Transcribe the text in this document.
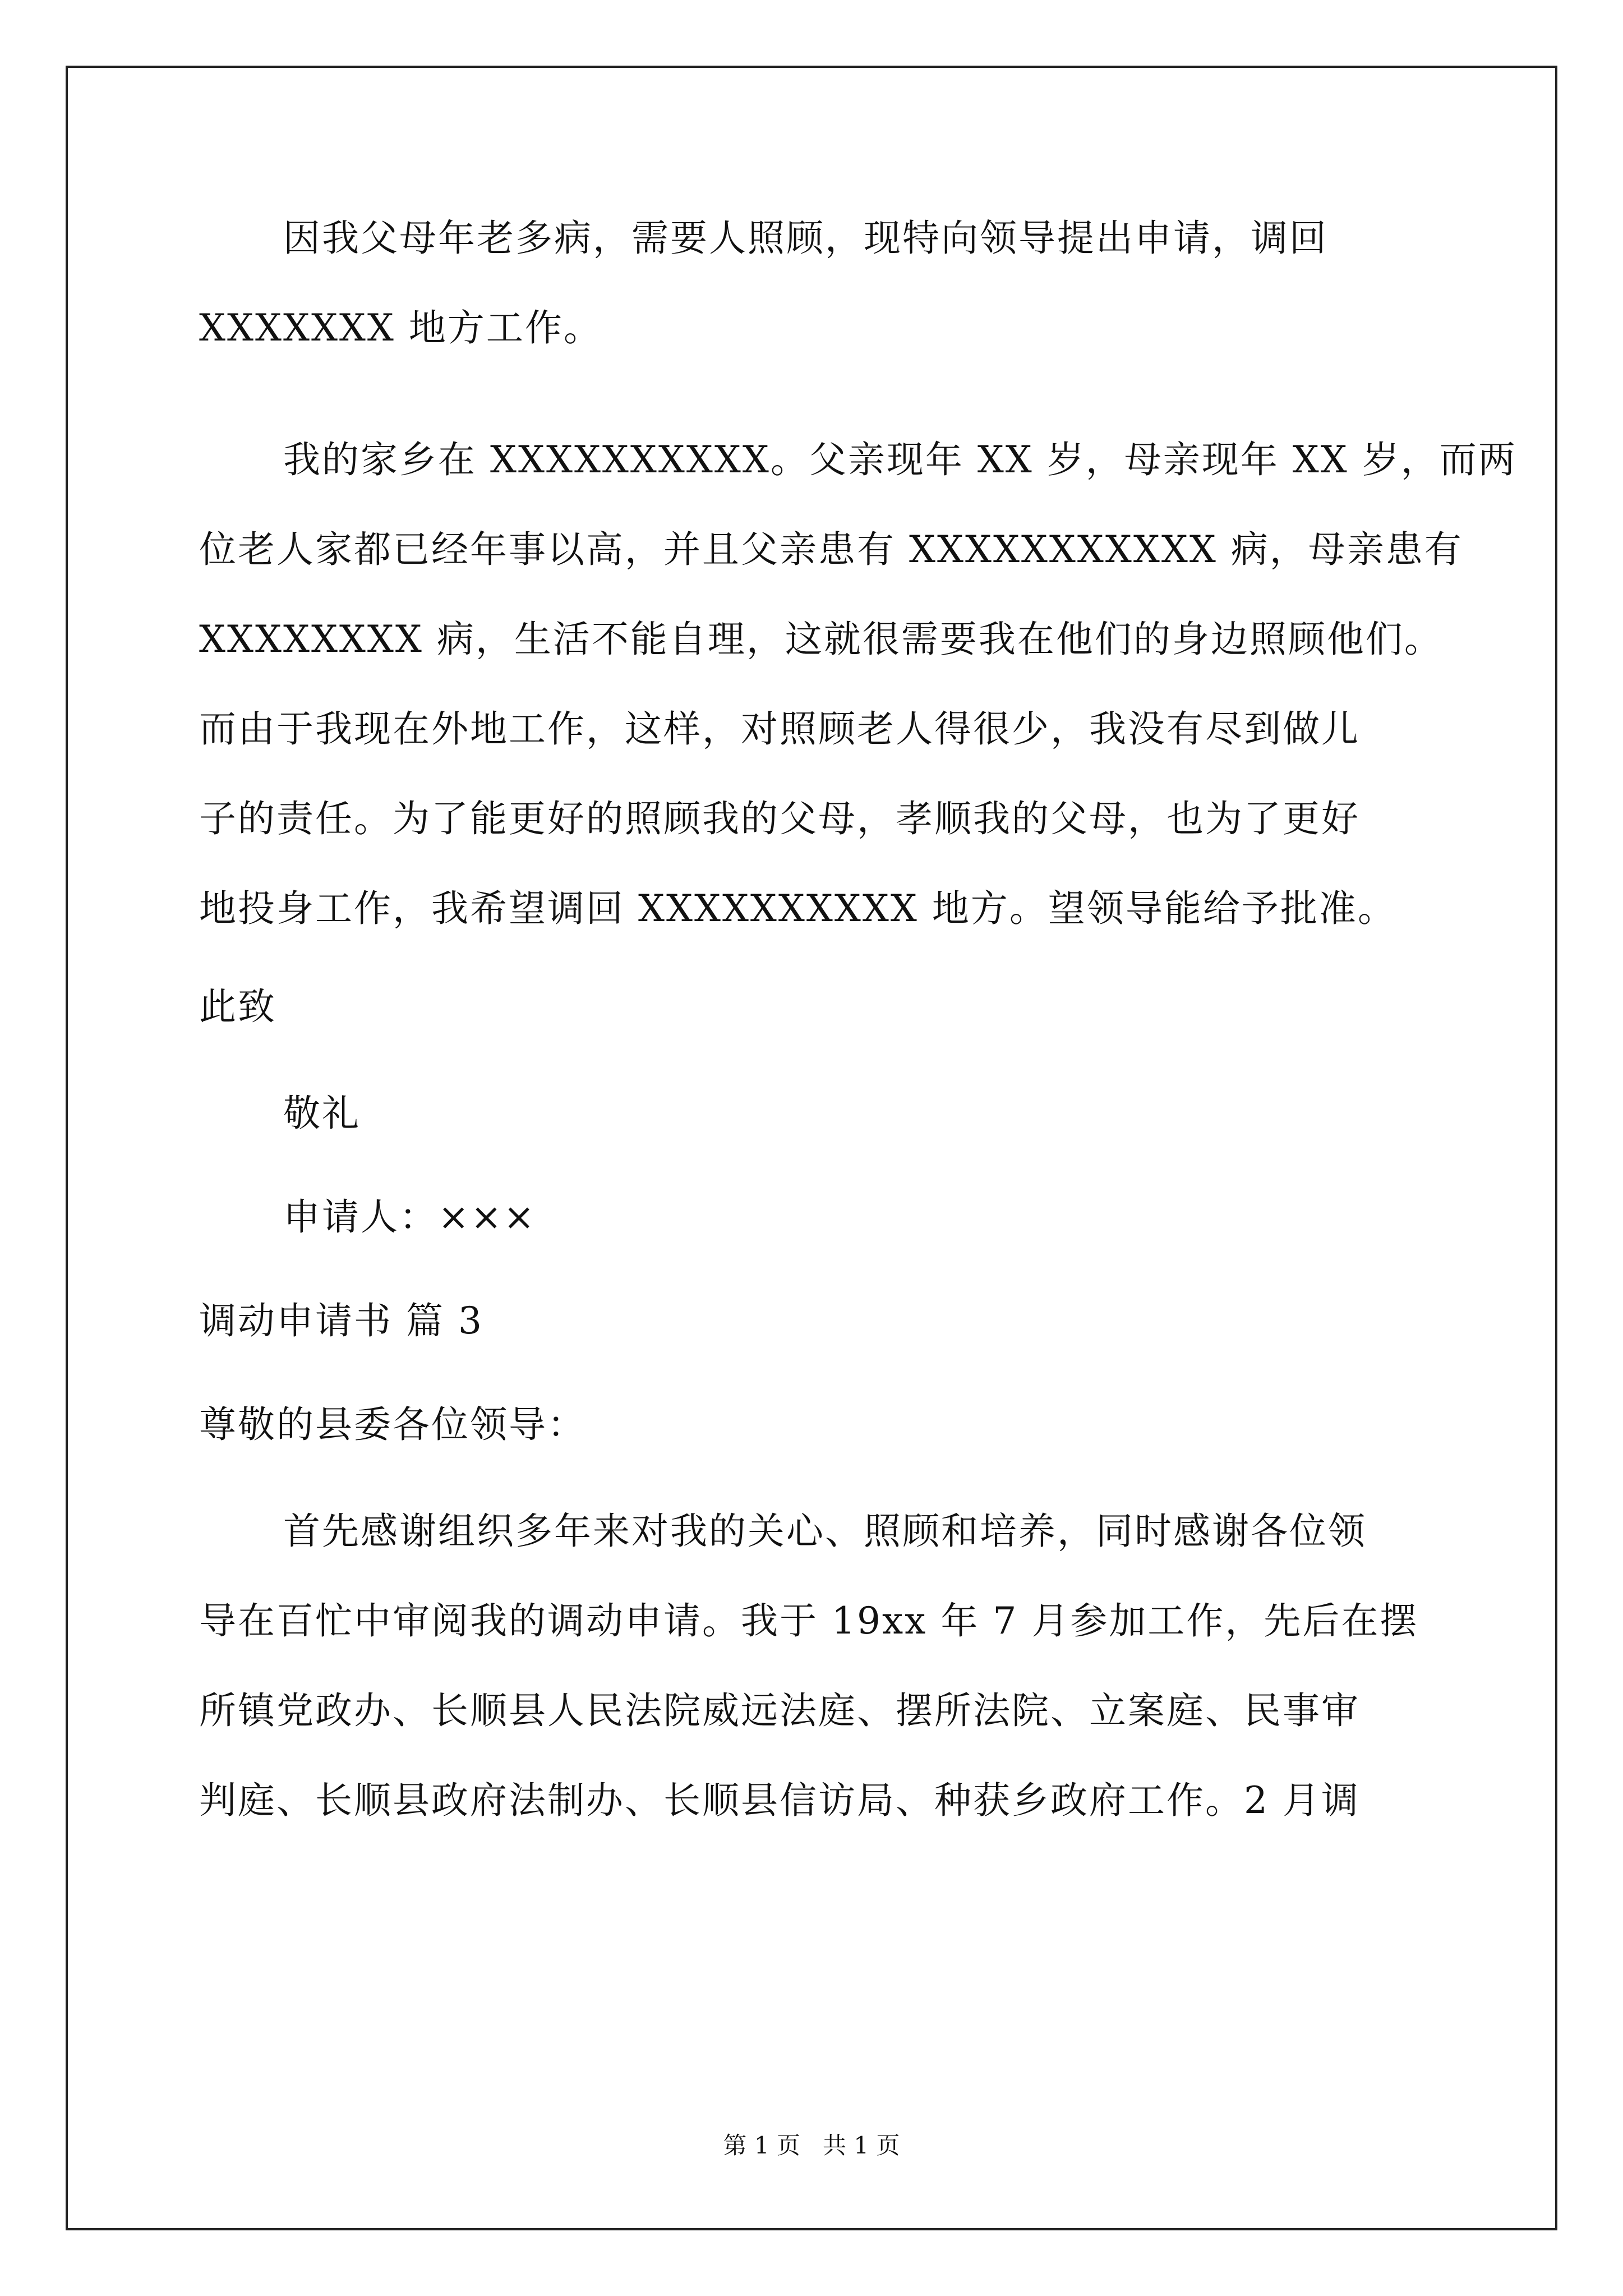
因我父母年老多病，需要人照顾，现特向领导提出申请，调回
XXXXXXX 地方工作。
我的家乡在 XXXXXXXXXX。父亲现年 XX 岁，母亲现年 XX 岁，而两
位老人家都已经年事以高，并且父亲患有 XXXXXXXXXXX 病，母亲患有
XXXXXXXX 病，生活不能自理，这就很需要我在他们的身边照顾他们。
而由于我现在外地工作，这样，对照顾老人得很少，我没有尽到做儿
子的责任。为了能更好的照顾我的父母，孝顺我的父母，也为了更好
地投身工作，我希望调回 XXXXXXXXXX 地方。望领导能给予批准。
此致
敬礼
申请人：×××
调动申请书 篇 3
尊敬的县委各位领导：
首先感谢组织多年来对我的关心、照顾和培养，同时感谢各位领
导在百忙中审阅我的调动申请。我于 19xx 年 7 月参加工作，先后在摆
所镇党政办、长顺县人民法院威远法庭、摆所法院、立案庭、民事审
判庭、长顺县政府法制办、长顺县信访局、种获乡政府工作。2 月调
第 1 页   共 1 页
